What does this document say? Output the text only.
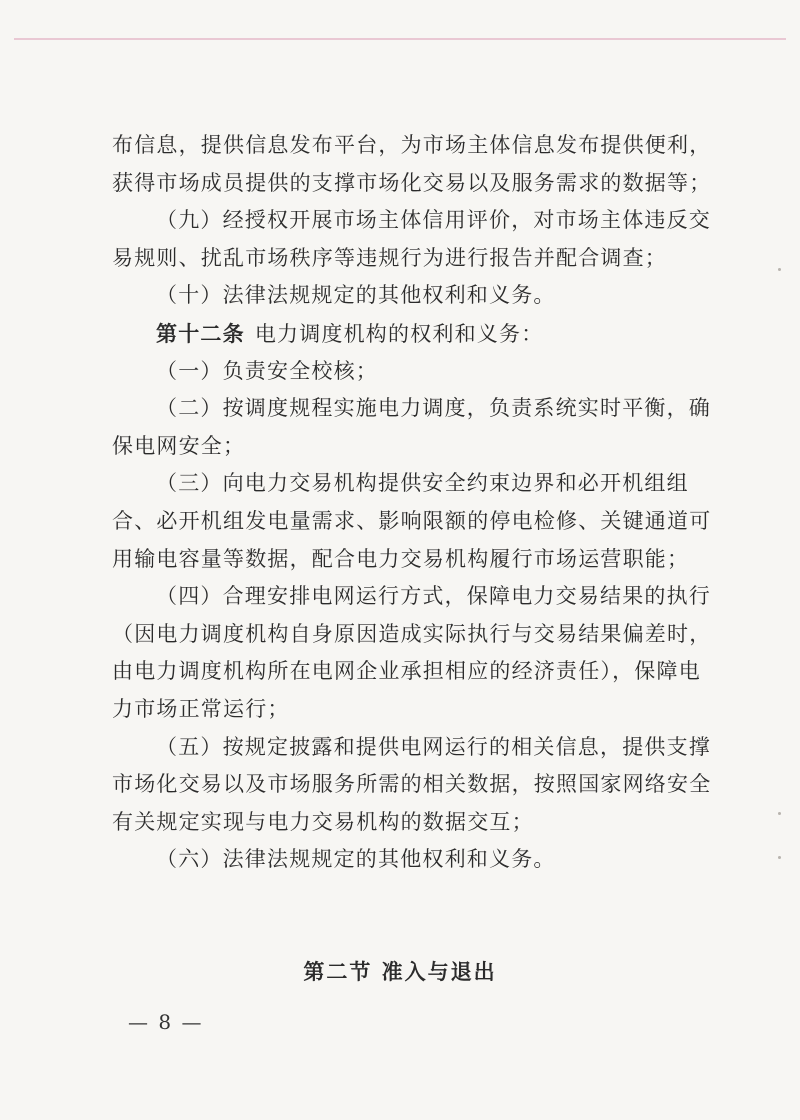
布信息，提供信息发布平台，为市场主体信息发布提供便利，
获得市场成员提供的支撑市场化交易以及服务需求的数据等；
（九）经授权开展市场主体信用评价，对市场主体违反交
易规则、扰乱市场秩序等违规行为进行报告并配合调查；
（十）法律法规规定的其他权利和义务。
第十二条 电力调度机构的权利和义务：
（一）负责安全校核；
（二）按调度规程实施电力调度，负责系统实时平衡，确
保电网安全；
（三）向电力交易机构提供安全约束边界和必开机组组
合、必开机组发电量需求、影响限额的停电检修、关键通道可
用输电容量等数据，配合电力交易机构履行市场运营职能；
（四）合理安排电网运行方式，保障电力交易结果的执行
（因电力调度机构自身原因造成实际执行与交易结果偏差时，
由电力调度机构所在电网企业承担相应的经济责任），保障电
力市场正常运行；
（五）按规定披露和提供电网运行的相关信息，提供支撑
市场化交易以及市场服务所需的相关数据，按照国家网络安全
有关规定实现与电力交易机构的数据交互；
（六）法律法规规定的其他权利和义务。
第二节 准入与退出
— 8 —
